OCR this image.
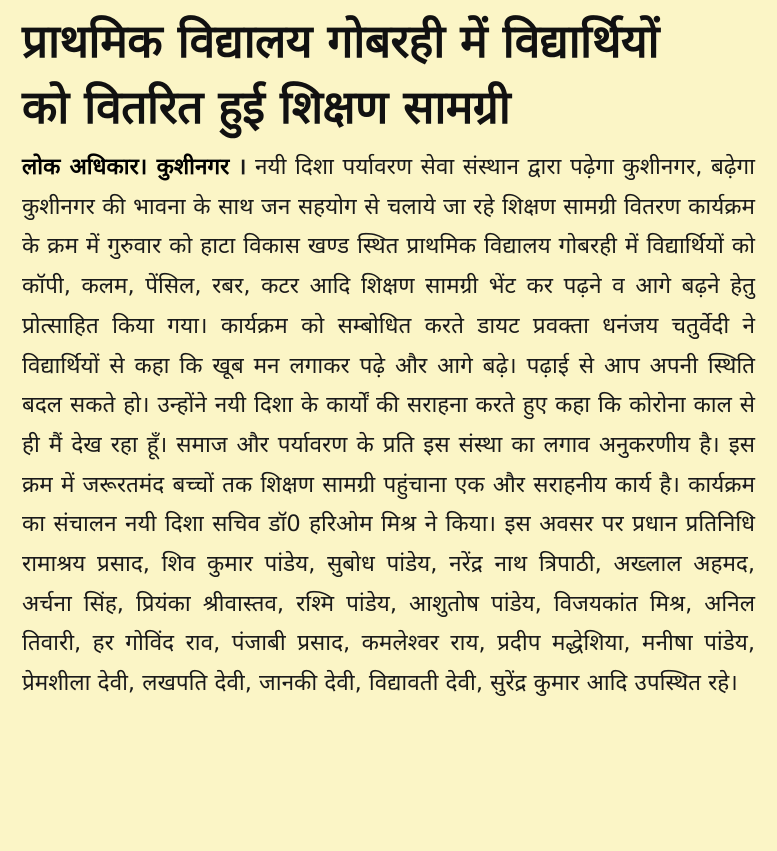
प्राथमिक विद्यालय गोबरही में विद्यार्थियों
को वितरित हुई शिक्षण सामग्री

लोक अधिकार। कुशीनगर । नयी दिशा पर्यावरण सेवा संस्थान द्वारा पढ़ेगा कुशीनगर, बढ़ेगा कुशीनगर की भावना के साथ जन सहयोग से चलाये जा रहे शिक्षण सामग्री वितरण कार्यक्रम के क्रम में गुरुवार को हाटा विकास खण्ड स्थित प्राथमिक विद्यालय गोबरही में विद्यार्थियों को कॉपी, कलम, पेंसिल, रबर, कटर आदि शिक्षण सामग्री भेंट कर पढ़ने व आगे बढ़ने हेतु प्रोत्साहित किया गया। कार्यक्रम को सम्बोधित करते डायट प्रवक्ता धनंजय चतुर्वेदी ने विद्यार्थियों से कहा कि खूब मन लगाकर पढ़े और आगे बढ़े। पढ़ाई से आप अपनी स्थिति बदल सकते हो। उन्होंने नयी दिशा के कार्यों की सराहना करते हुए कहा कि कोरोना काल से ही मैं देख रहा हूँ। समाज और पर्यावरण के प्रति इस संस्था का लगाव अनुकरणीय है। इस क्रम में जरूरतमंद बच्चों तक शिक्षण सामग्री पहुंचाना एक और सराहनीय कार्य है। कार्यक्रम का संचालन नयी दिशा सचिव डॉ0 हरिओम मिश्र ने किया। इस अवसर पर प्रधान प्रतिनिधि रामाश्रय प्रसाद, शिव कुमार पांडेय, सुबोध पांडेय, नरेंद्र नाथ त्रिपाठी, अख्लाल अहमद, अर्चना सिंह, प्रियंका श्रीवास्तव, रश्मि पांडेय, आशुतोष पांडेय, विजयकांत मिश्र, अनिल तिवारी, हर गोविंद राव, पंजाबी प्रसाद, कमलेश्वर राय, प्रदीप मद्धेशिया, मनीषा पांडेय, प्रेमशीला देवी, लखपति देवी, जानकी देवी, विद्यावती देवी, सुरेंद्र कुमार आदि उपस्थित रहे।
